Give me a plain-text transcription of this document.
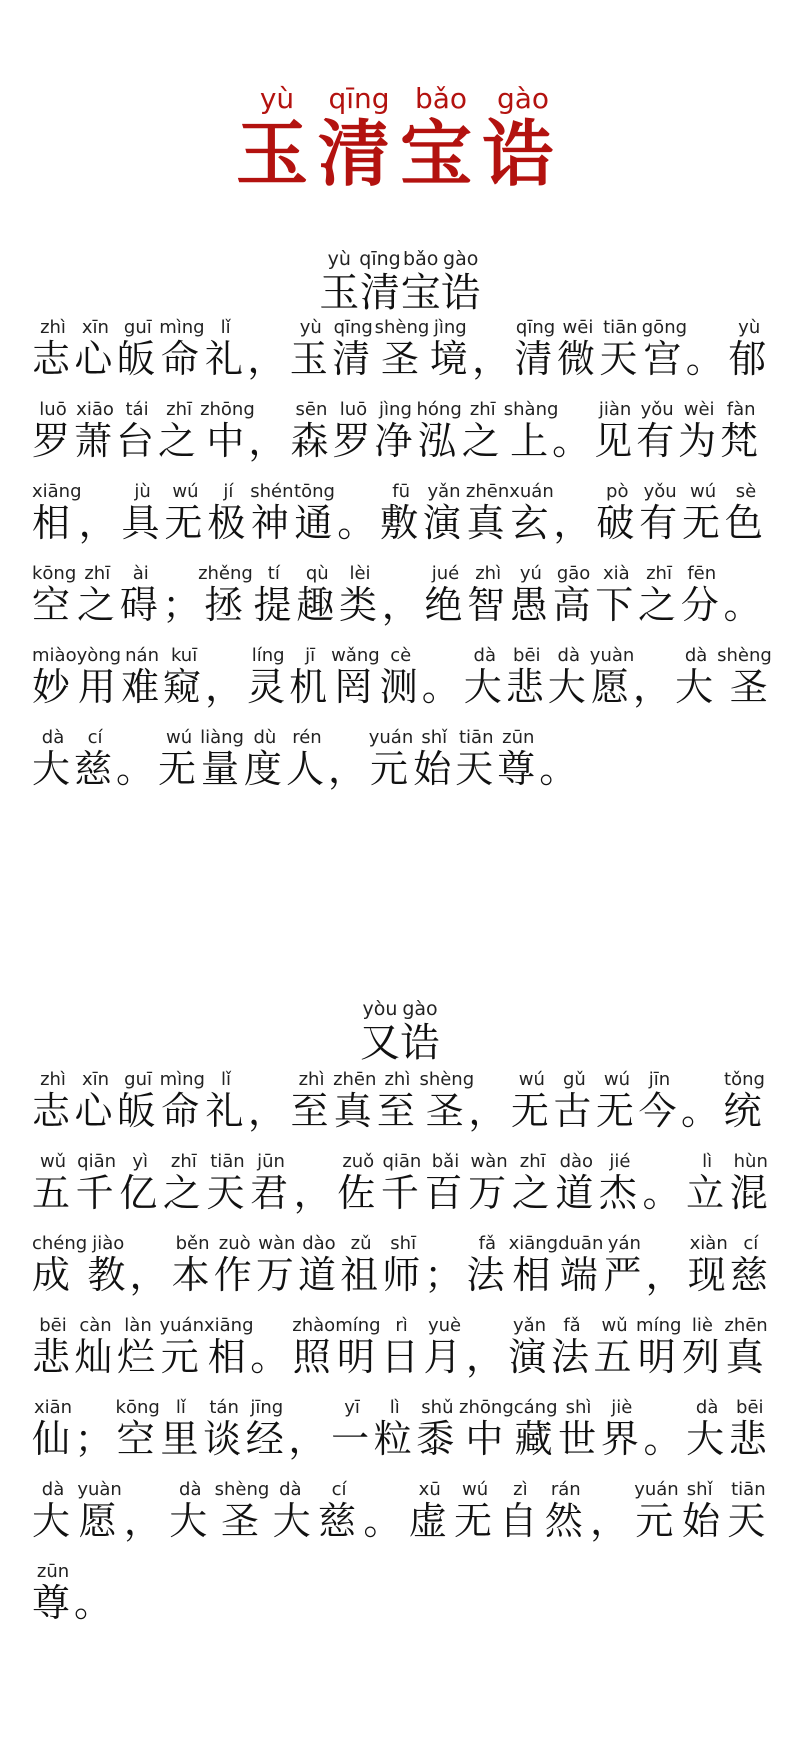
玉yù清qīng宝bǎo诰gào
玉yù清qīng宝bǎo诰gào
志zhì心xīn皈guī命mìng礼lǐ，玉yù清qīng圣shèng境jìng，清qīng微wēi天tiān宫gōng。郁yù罗luō萧xiāo台tái之zhī中zhōng，森sēn罗luō净jìng泓hóng之zhī上shàng。见jiàn有yǒu为wèi梵fàn相xiāng，具jù无wú极jí神shén通tōng。敷fū演yǎn真zhēn玄xuán，破pò有yǒu无wú色sè空kōng之zhī碍ài；拯zhěng提tí趣qù类lèi，绝jué智zhì愚yú高gāo下xià之zhī分fēn。妙miào用yòng难nán窥kuī，灵líng机jī罔wǎng测cè。大dà悲bēi大dà愿yuàn，大dà圣shèng大dà慈cí。无wú量liàng度dù人rén，元yuán始shǐ天tiān尊zūn。
又yòu诰gào
志zhì心xīn皈guī命mìng礼lǐ，至zhì真zhēn至zhì圣shèng，无wú古gǔ无wú今jīn。统tǒng五wǔ千qiān亿yì之zhī天tiān君jūn，佐zuǒ千qiān百bǎi万wàn之zhī道dào杰jié。立lì混hùn成chéng教jiào，本běn作zuò万wàn道dào祖zǔ师shī；法fǎ相xiāng端duān严yán，现xiàn慈cí悲bēi灿càn烂làn元yuán相xiāng。照zhào明míng日rì月yuè，演yǎn法fǎ五wǔ明míng列liè真zhēn仙xiān；空kōng里lǐ谈tán经jīng，一yī粒lì黍shǔ中zhōng藏cáng世shì界jiè。大dà悲bēi大dà愿yuàn，大dà圣shèng大dà慈cí。虚xū无wú自zì然rán，元yuán始shǐ天tiān尊zūn。
